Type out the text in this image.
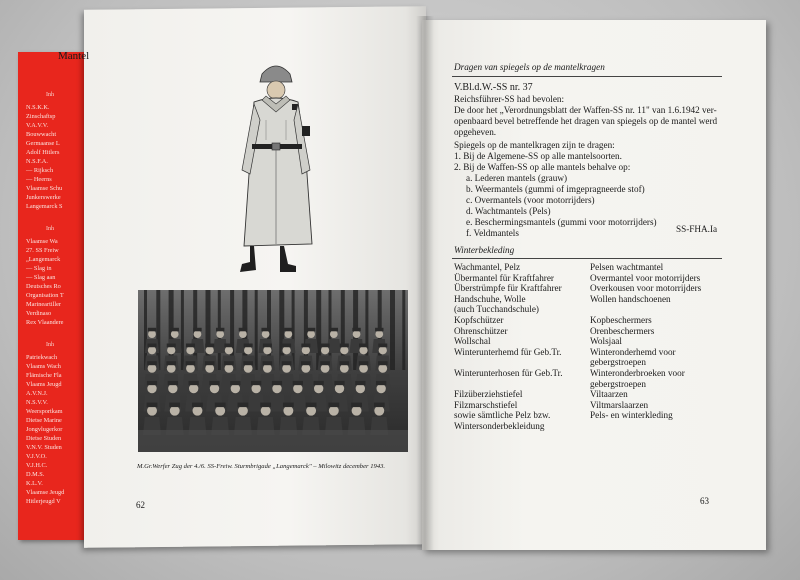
Inh
N.S.K.K.
Zinschaftsp
V.A.V.V.
Bouwwacht
Germaanse L
Adolf Hitlers
N.S.F.A.
— Rijksch
— Heerns
Vlaamse Schu
Junkerswerke
Langemarck S
Inh
Vlaamse Wa
27. SS Freiw
„Langemarck
— Slag in
— Slag aan
Deutsches Ro
Organisation T
Marineartiller
Verdinaso
Rex Vlaandere
Inh
Patriekwach
Vlaams Wach
Flämische Fla
Vlaams Jeugd
A.V.N.J.
N.S.V.V.
Weersportkam
Dietse Marine
Jongvlugerkor
Dietse Studen
V.N.V. Studen
V.J.V.O.
V.J.H.C.
D.M.S.
K.L.V.
Vlaamse Jeugd
Hitlerjeugd V
Mantel
M.Gr.Werfer Zug der 4./6. SS-Freiw. Sturmbrigade „Langemarck" – Milowitz december 1943.
62
Dragen van spiegels op de mantelkragen
V.Bl.d.W.-SS nr. 37
Reichsführer-SS had bevolen:
De door het „Verordnungsblatt der Waffen-SS nr. 11" van 1.6.1942 ver-
openbaard bevel betreffende het dragen van spiegels op de mantel werd
opgeheven.
Spiegels op de mantelkragen zijn te dragen:
1. Bij de Algemene-SS op alle mantelsoorten.
2. Bij de Waffen-SS op alle mantels behalve op:
a. Lederen mantels (grauw)
b. Weermantels (gummi of imgepragneerde stof)
c. Overmantels (voor motorrijders)
d. Wachtmantels (Pels)
e. Beschermingsmantels (gummi voor motorrijders)
f. Veldmantels	SS-FHA.Ia
Winterbekleding
Wachmantel, Pelz
Übermantel für Kraftfahrer
Überstrümpfe für Kraftfahrer
Handschuhe, Wolle
(auch Tucchandschule)
Kopfschützer
Ohrenschützer
Wollschal
Winterunterhemd für Geb.Tr.
Winterunterhosen für Geb.Tr.
Filzüberziehstiefel
Filzmarschstiefel
sowie sämtliche Pelz bzw.
Wintersonderbekleidung
Pelsen wachtmantel
Overmantel voor motorrijders
Overkousen voor motorrijders
Wollen handschoenen
Kopbeschermers
Orenbeschermers
Wolsjaal
Winteronderhemd voor
gebergstroepen
Winteronderbroeken voor
gebergstroepen
Viltaarzen
Viltmarslaarzen
Pels- en winterkleding
63
